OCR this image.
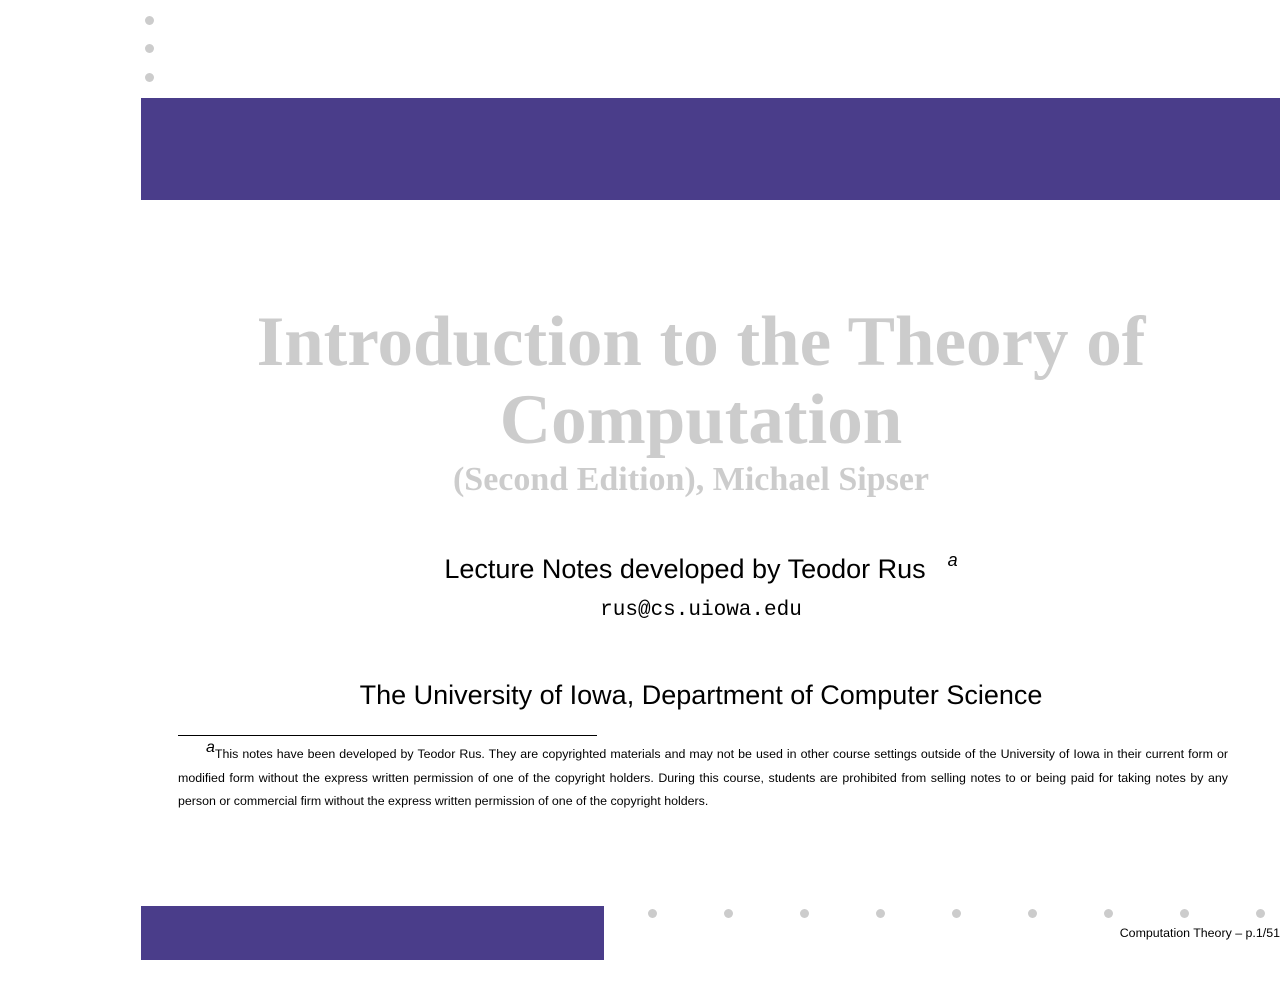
Introduction to the Theory of Computation
(Second Edition), Michael Sipser
Lecture Notes developed by Teodor Rus $^a$
rus@cs.uiowa.edu
The University of Iowa, Department of Computer Science
aThis notes have been developed by Teodor Rus. They are copyrighted materials and may not be used in other course settings outside of the University of Iowa in their current form or modified form without the express written permission of one of the copyright holders. During this course, students are prohibited from selling notes to or being paid for taking notes by any person or commercial firm without the express written permission of one of the copyright holders.
Computation Theory – p.1/51
